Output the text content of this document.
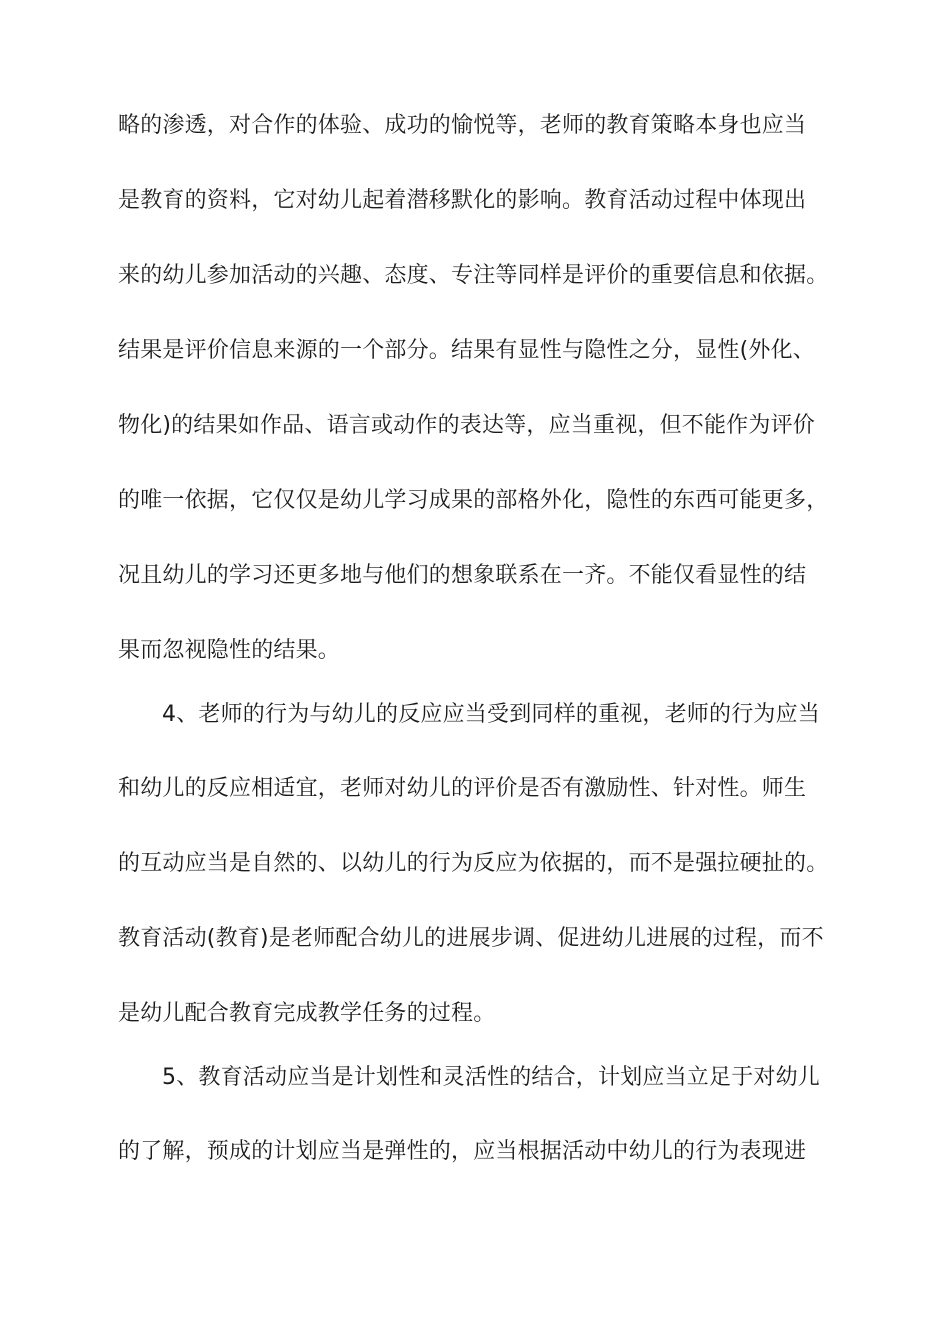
略的渗透，对合作的体验、成功的愉悦等，老师的教育策略本身也应当
是教育的资料，它对幼儿起着潜移默化的影响。教育活动过程中体现出
来的幼儿参加活动的兴趣、态度、专注等同样是评价的重要信息和依据。
结果是评价信息来源的一个部分。结果有显性与隐性之分，显性(外化、
物化)的结果如作品、语言或动作的表达等，应当重视，但不能作为评价
的唯一依据，它仅仅是幼儿学习成果的部格外化，隐性的东西可能更多，
况且幼儿的学习还更多地与他们的想象联系在一齐。不能仅看显性的结
果而忽视隐性的结果。
4、老师的行为与幼儿的反应应当受到同样的重视，老师的行为应当
和幼儿的反应相适宜，老师对幼儿的评价是否有激励性、针对性。师生
的互动应当是自然的、以幼儿的行为反应为依据的，而不是强拉硬扯的。
教育活动(教育)是老师配合幼儿的进展步调、促进幼儿进展的过程，而不
是幼儿配合教育完成教学任务的过程。
5、教育活动应当是计划性和灵活性的结合，计划应当立足于对幼儿
的了解，预成的计划应当是弹性的，应当根据活动中幼儿的行为表现进
